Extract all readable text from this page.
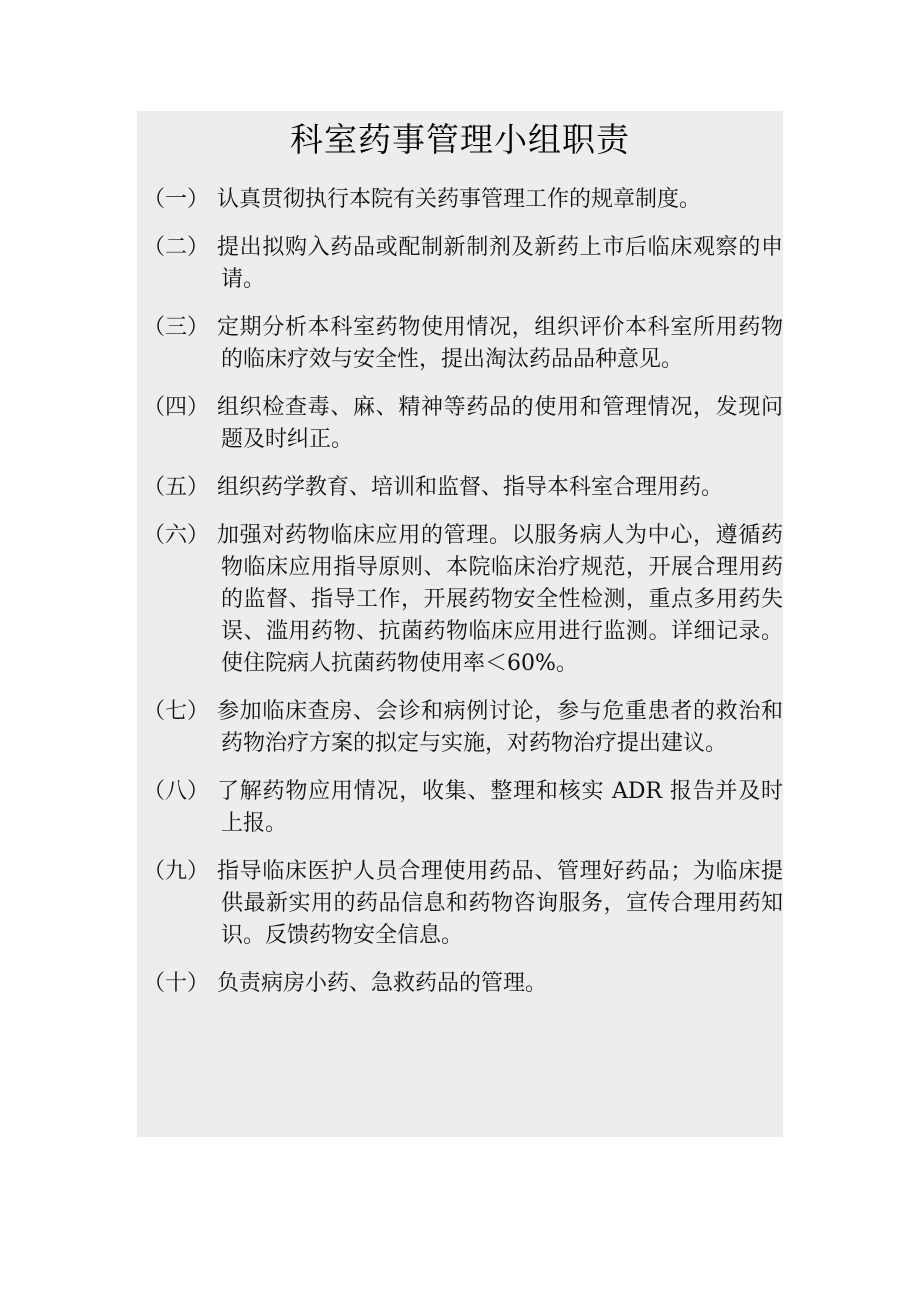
科室药事管理小组职责
（一） 认真贯彻执行本院有关药事管理工作的规章制度。
（二） 提出拟购入药品或配制新制剂及新药上市后临床观察的申请。
（三） 定期分析本科室药物使用情况，组织评价本科室所用药物的临床疗效与安全性，提出淘汰药品品种意见。
（四） 组织检查毒、麻、精神等药品的使用和管理情况，发现问题及时纠正。
（五） 组织药学教育、培训和监督、指导本科室合理用药。
（六） 加强对药物临床应用的管理。以服务病人为中心，遵循药物临床应用指导原则、本院临床治疗规范，开展合理用药的监督、指导工作，开展药物安全性检测，重点多用药失误、滥用药物、抗菌药物临床应用进行监测。详细记录。使住院病人抗菌药物使用率＜60%。
（七） 参加临床查房、会诊和病例讨论，参与危重患者的救治和药物治疗方案的拟定与实施，对药物治疗提出建议。
（八） 了解药物应用情况，收集、整理和核实 ADR 报告并及时上报。
（九） 指导临床医护人员合理使用药品、管理好药品；为临床提供最新实用的药品信息和药物咨询服务，宣传合理用药知识。反馈药物安全信息。
（十） 负责病房小药、急救药品的管理。
